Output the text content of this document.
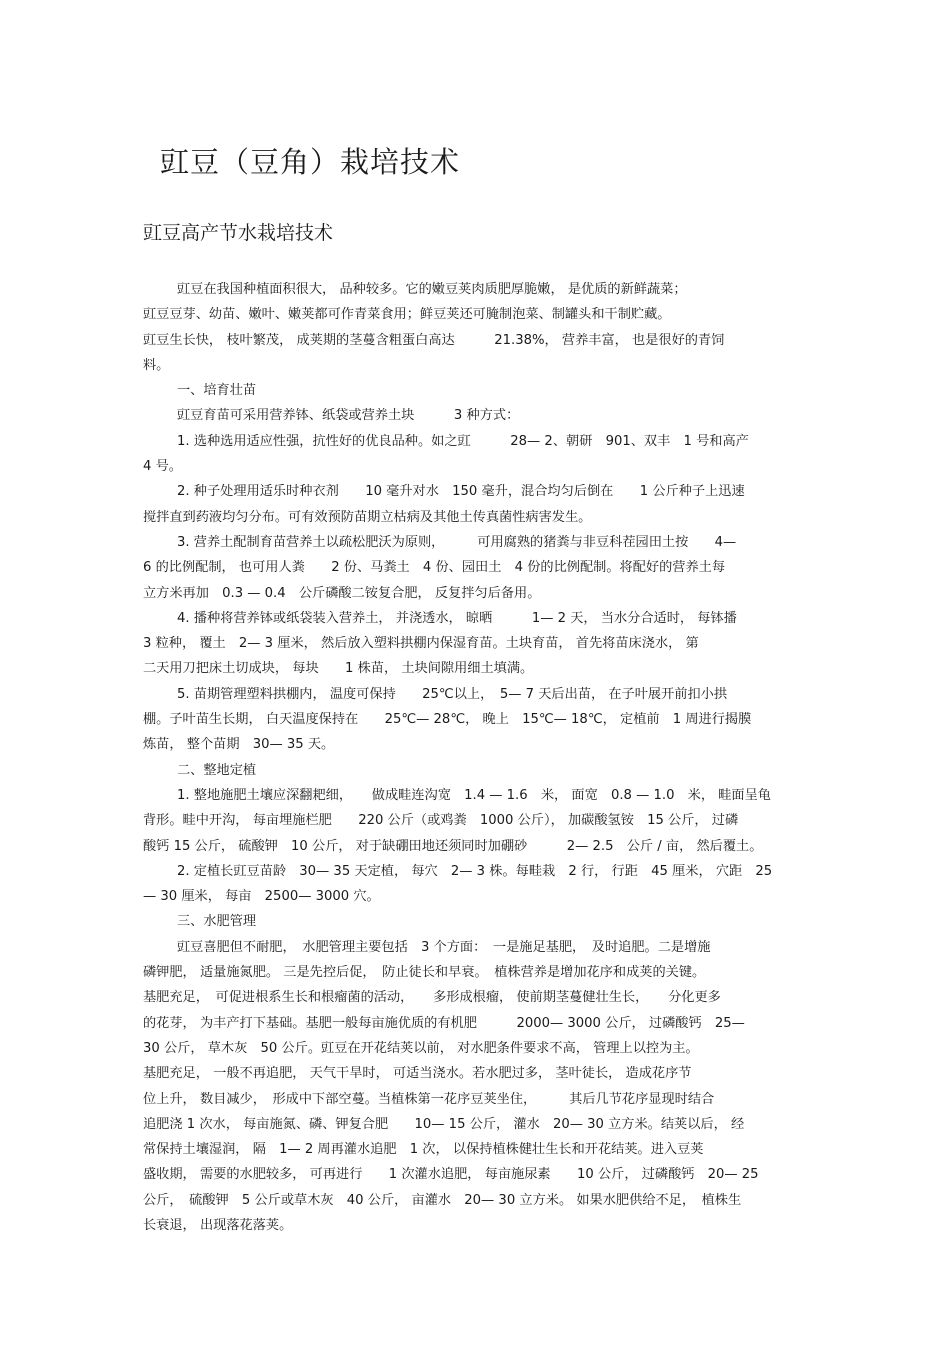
豇豆（豆角）栽培技术
豇豆高产节水栽培技术
豇豆在我国种植面积很大， 品种较多。它的嫩豆荚肉质肥厚脆嫩， 是优质的新鲜蔬菜；
豇豆豆芽、幼苗、嫩叶、嫩荚都可作青菜食用；鲜豆荚还可腌制泡菜、制罐头和干制贮藏。
豇豆生长快， 枝叶繁茂， 成荚期的茎蔓含粗蛋白高达　　　21.38%， 营养丰富， 也是很好的青饲
料。
一、培育壮苗
豇豆育苗可采用营养钵、纸袋或营养土块　　　3 种方式：
1. 选种选用适应性强，抗性好的优良品种。如之豇　　　28— 2、朝研　901、双丰　1 号和高产
4 号。
2. 种子处理用适乐时种衣剂　　10 毫升对水　150 毫升，混合均匀后倒在　　1 公斤种子上迅速
搅拌直到药液均匀分布。可有效预防苗期立枯病及其他土传真菌性病害发生。
3. 营养土配制育苗营养土以疏松肥沃为原则，　　　可用腐熟的猪粪与非豆科茬园田土按　　4—
6 的比例配制， 也可用人粪　　2 份、马粪土　4 份、园田土　4 份的比例配制。将配好的营养土每
立方米再加　0.3 — 0.4　公斤磷酸二铵复合肥， 反复拌匀后备用。
4. 播种将营养钵或纸袋装入营养土， 并浇透水， 晾晒　　　1— 2 天， 当水分合适时， 每钵播
3 粒种， 覆土　2— 3 厘米， 然后放入塑料拱棚内保湿育苗。土块育苗， 首先将苗床浇水， 第
二天用刀把床土切成块， 每块　　1 株苗， 土块间隙用细土填满。
5. 苗期管理塑料拱棚内， 温度可保持　　25℃以上，　5— 7 天后出苗， 在子叶展开前扣小拱
棚。子叶苗生长期， 白天温度保持在　　25℃— 28℃， 晚上　15℃— 18℃， 定植前　1 周进行揭膜
炼苗， 整个苗期　30— 35 天。
二、整地定植
1. 整地施肥土壤应深翻耙细，　　做成畦连沟宽　1.4 — 1.6　米， 面宽　0.8 — 1.0　米， 畦面呈龟
背形。畦中开沟， 每亩埋施栏肥　　220 公斤（或鸡粪　1000 公斤）， 加碳酸氢铵　15 公斤， 过磷
酸钙 15 公斤， 硫酸钾　10 公斤， 对于缺硼田地还须同时加硼砂　　　2— 2.5　公斤 / 亩， 然后覆土。
2. 定植长豇豆苗龄　30— 35 天定植， 每穴　2— 3 株。每畦栽　2 行， 行距　45 厘米， 穴距　25
— 30 厘米， 每亩　2500— 3000 穴。
三、水肥管理
豇豆喜肥但不耐肥，　水肥管理主要包括　3 个方面：　一是施足基肥，　及时追肥。二是增施
磷钾肥， 适量施氮肥。 三是先控后促，　防止徒长和早衰。　植株营养是增加花序和成荚的关键。
基肥充足，　可促进根系生长和根瘤菌的活动，　　多形成根瘤， 使前期茎蔓健壮生长，　　分化更多
的花芽， 为丰产打下基础。基肥一般每亩施优质的有机肥　　　2000— 3000 公斤， 过磷酸钙　25—
30 公斤， 草木灰　50 公斤。豇豆在开花结荚以前， 对水肥条件要求不高， 管理上以控为主。
基肥充足， 一般不再追肥， 天气干旱时， 可适当浇水。若水肥过多， 茎叶徒长， 造成花序节
位上升， 数目减少，　形成中下部空蔓。当植株第一花序豆荚坐住，　　　其后几节花序显现时结合
追肥浇 1 次水， 每亩施氮、磷、钾复合肥　　10— 15 公斤， 灌水　20— 30 立方米。结荚以后， 经
常保持土壤湿润， 隔　1— 2 周再灌水追肥　1 次， 以保持植株健壮生长和开花结荚。进入豆荚
盛收期， 需要的水肥较多， 可再进行　　1 次灌水追肥， 每亩施尿素　　10 公斤， 过磷酸钙　20— 25
公斤，　硫酸钾　5 公斤或草木灰　40 公斤， 亩灌水　20— 30 立方米。 如果水肥供给不足，　植株生
长衰退， 出现落花落荚。
